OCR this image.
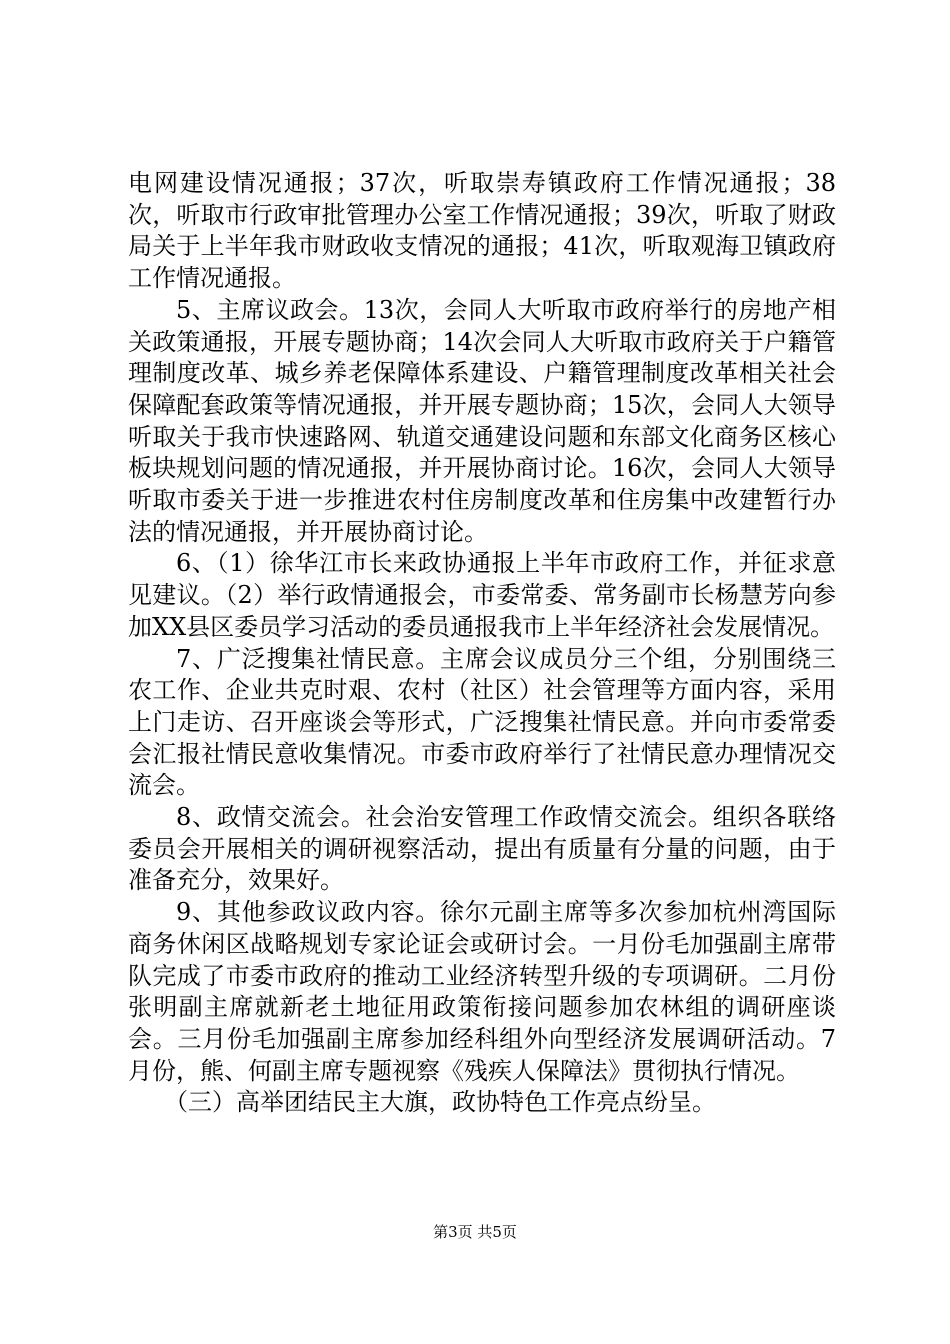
电网建设情况通报；37次，听取崇寿镇政府工作情况通报；38次，听取市行政审批管理办公室工作情况通报；39次，听取了财政局关于上半年我市财政收支情况的通报；41次，听取观海卫镇政府工作情况通报。

5、主席议政会。13次，会同人大听取市政府举行的房地产相关政策通报，开展专题协商；14次会同人大听取市政府关于户籍管理制度改革、城乡养老保障体系建设、户籍管理制度改革相关社会保障配套政策等情况通报，并开展专题协商；15次，会同人大领导听取关于我市快速路网、轨道交通建设问题和东部文化商务区核心板块规划问题的情况通报，并开展协商讨论。16次，会同人大领导听取市委关于进一步推进农村住房制度改革和住房集中改建暂行办法的情况通报，并开展协商讨论。

6、（1）徐华江市长来政协通报上半年市政府工作，并征求意见建议。（2）举行政情通报会，市委常委、常务副市长杨慧芳向参加XX县区委员学习活动的委员通报我市上半年经济社会发展情况。

7、广泛搜集社情民意。主席会议成员分三个组，分别围绕三农工作、企业共克时艰、农村（社区）社会管理等方面内容，采用上门走访、召开座谈会等形式，广泛搜集社情民意。并向市委常委会汇报社情民意收集情况。市委市政府举行了社情民意办理情况交流会。

8、政情交流会。社会治安管理工作政情交流会。组织各联络委员会开展相关的调研视察活动，提出有质量有分量的问题，由于准备充分，效果好。

9、其他参政议政内容。徐尔元副主席等多次参加杭州湾国际商务休闲区战略规划专家论证会或研讨会。一月份毛加强副主席带队完成了市委市政府的推动工业经济转型升级的专项调研。二月份张明副主席就新老土地征用政策衔接问题参加农林组的调研座谈会。三月份毛加强副主席参加经科组外向型经济发展调研活动。7月份，熊、何副主席专题视察《残疾人保障法》贯彻执行情况。

（三）高举团结民主大旗，政协特色工作亮点纷呈。

第3页 共5页
